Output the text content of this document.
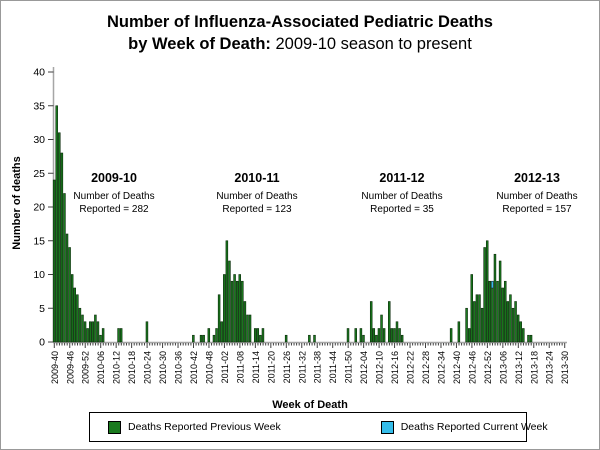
Number of Influenza-Associated Pediatric Deaths
by Week of Death: 2009-10 season to present
0
5
10
15
20
25
30
35
40
2009-40 2009-46 2009-52 2010-06 2010-12 2010-18 2010-24 2010-30 2010-36 2010-42 2010-48 2011-02 2011-08 2011-14 2011-20 2011-26 2011-32 2011-38 2011-44 2011-50 2012-04 2012-10 2012-16 2012-22 2012-28 2012-34 2012-40 2012-46 2012-52 2013-06 2013-12 2013-18 2013-24 2013-30
Number of deaths
Week of Death
2009-10
Number of Deaths
Reported = 282
2010-11
Number of Deaths
Reported = 123
2011-12
Number of Deaths
Reported = 35
2012-13
Number of Deaths
Reported = 157
Deaths Reported Previous Week	Deaths Reported Current Week
